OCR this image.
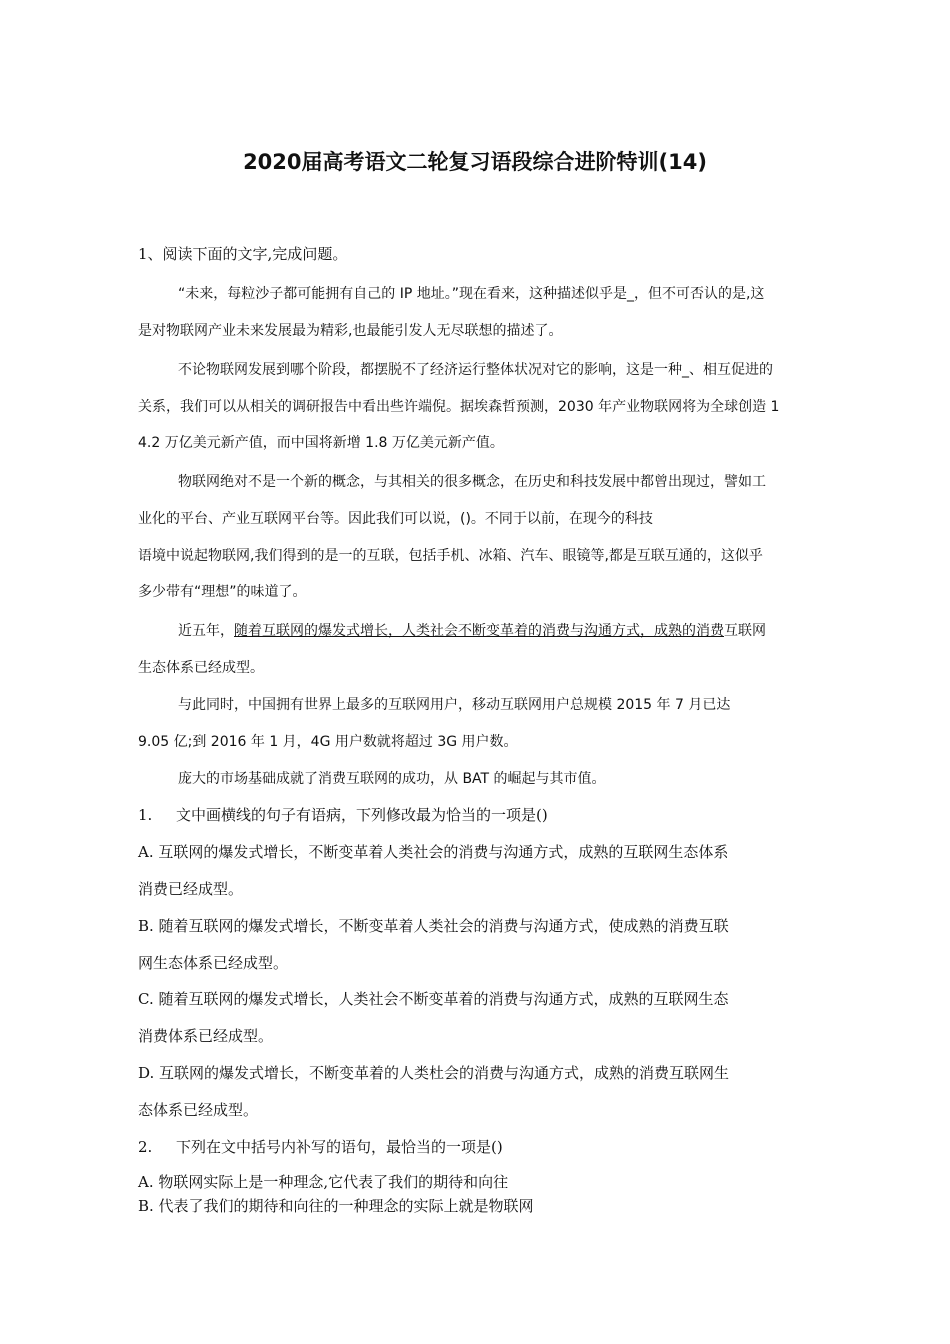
2020届高考语文二轮复习语段综合进阶特训(14)
1、阅读下面的文字,完成问题。
“未来，每粒沙子都可能拥有自己的 IP 地址。”现在看来，这种描述似乎是_，但不可否认的是,这
是对物联网产业未来发展最为精彩,也最能引发人无尽联想的描述了。
不论物联网发展到哪个阶段，都摆脱不了经济运行整体状况对它的影响，这是一种_、相互促进的
关系，我们可以从相关的调研报告中看出些许端倪。据埃森哲预测，2030 年产业物联网将为全球创造 1
4.2 万亿美元新产值，而中国将新增 1.8 万亿美元新产值。
物联网绝对不是一个新的概念，与其相关的很多概念，在历史和科技发展中都曾出现过，譬如工
业化的平台、产业互联网平台等。因此我们可以说，()。不同于以前，在现今的科技
语境中说起物联网,我们得到的是一的互联，包括手机、冰箱、汽车、眼镜等,都是互联互通的，这似乎
多少带有“理想”的味道了。
近五年，随着互联网的爆发式增长，人类社会不断变革着的消费与沟通方式，成熟的消费互联网
生态体系已经成型。
与此同时，中国拥有世界上最多的互联网用户，移动互联网用户总规模 2015 年 7 月已达
9.05 亿;到 2016 年 1 月，4G 用户数就将超过 3G 用户数。
庞大的市场基础成就了消费互联网的成功，从 BAT 的崛起与其市值。
1. 文中画横线的句子有语病，下列修改最为恰当的一项是()
A. 互联网的爆发式增长，不断变革着人类社会的消费与沟通方式，成熟的互联网生态体系
消费已经成型。
B. 随着互联网的爆发式增长，不断变革着人类社会的消费与沟通方式，使成熟的消费互联
网生态体系已经成型。
C. 随着互联网的爆发式增长，人类社会不断变革着的消费与沟通方式，成熟的互联网生态
消费体系已经成型。
D. 互联网的爆发式增长，不断变革着的人类杜会的消费与沟通方式，成熟的消费互联网生
态体系已经成型。
2. 下列在文中括号内补写的语句，最恰当的一项是()
A. 物联网实际上是一种理念,它代表了我们的期待和向往
B. 代表了我们的期待和向往的一种理念的实际上就是物联网
